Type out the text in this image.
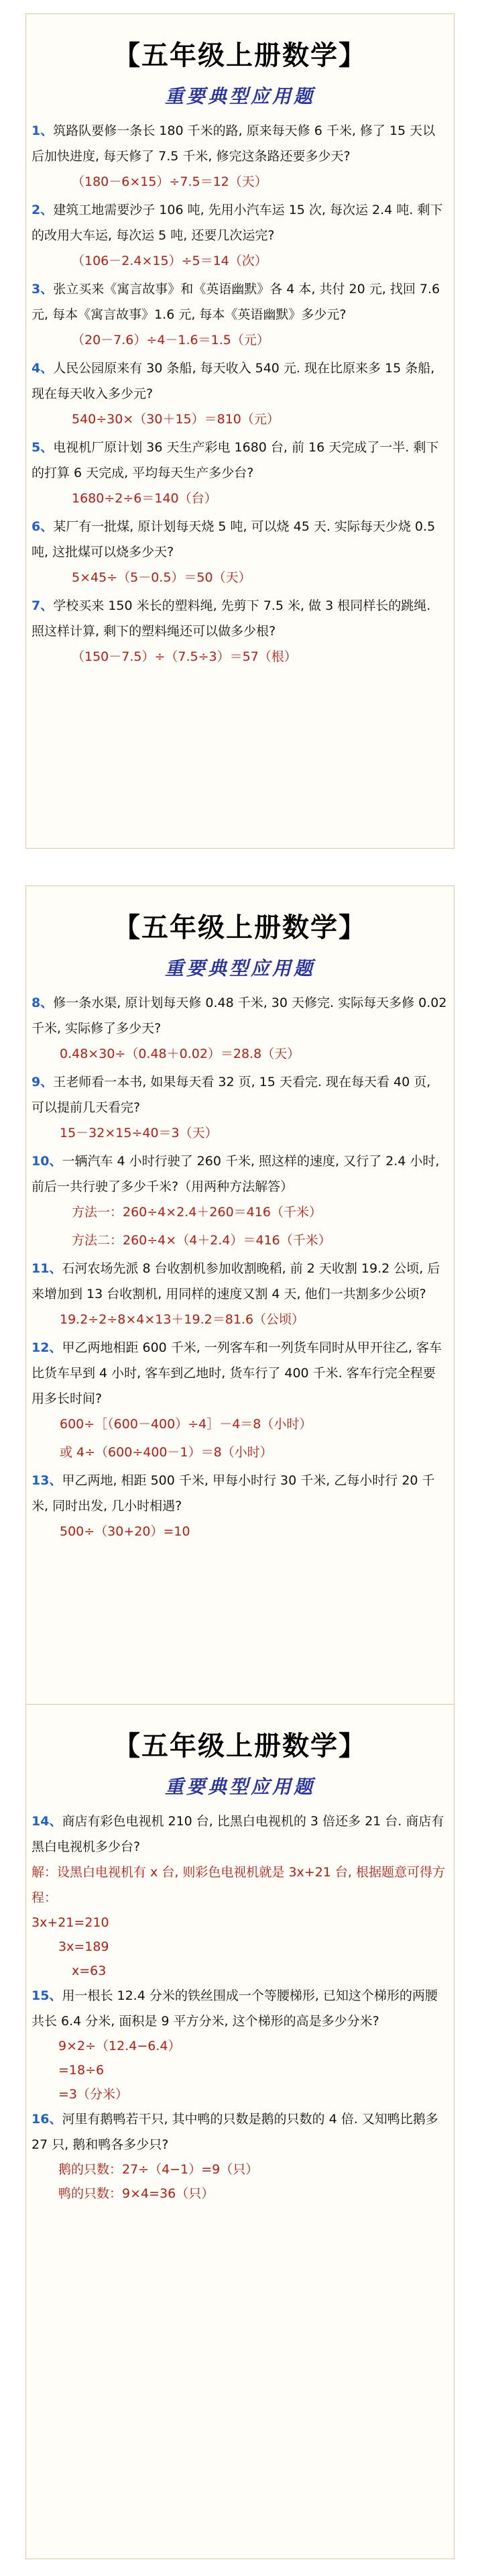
【五年级上册数学】
重要典型应用题

1、筑路队要修一条长 180 千米的路, 原来每天修 6 千米, 修了 15 天以后加快进度, 每天修了 7.5 千米, 修完这条路还要多少天?

（180－6×15）÷7.5＝12（天）

2、建筑工地需要沙子 106 吨, 先用小汽车运 15 次, 每次运 2.4 吨. 剩下的改用大车运, 每次运 5 吨, 还要几次运完?

（106－2.4×15）÷5＝14（次）

3、张立买来《寓言故事》和《英语幽默》各 4 本, 共付 20 元, 找回 7.6 元, 每本《寓言故事》1.6 元, 每本《英语幽默》多少元?

（20－7.6）÷4－1.6＝1.5（元）

4、人民公园原来有 30 条船, 每天收入 540 元. 现在比原来多 15 条船, 现在每天收入多少元?

540÷30×（30＋15）＝810（元）

5、电视机厂原计划 36 天生产彩电 1680 台, 前 16 天完成了一半. 剩下的打算 6 天完成, 平均每天生产多少台?

1680÷2÷6＝140（台）

6、某厂有一批煤, 原计划每天烧 5 吨, 可以烧 45 天. 实际每天少烧 0.5 吨, 这批煤可以烧多少天?

5×45÷（5－0.5）＝50（天）

7、学校买来 150 米长的塑料绳, 先剪下 7.5 米, 做 3 根同样长的跳绳. 照这样计算, 剩下的塑料绳还可以做多少根?

（150－7.5）÷（7.5÷3）＝57（根）

【五年级上册数学】
重要典型应用题

8、修一条水渠, 原计划每天修 0.48 千米, 30 天修完. 实际每天多修 0.02 千米, 实际修了多少天?

0.48×30÷（0.48＋0.02）＝28.8（天）

9、王老师看一本书, 如果每天看 32 页, 15 天看完. 现在每天看 40 页, 可以提前几天看完?

15－32×15÷40＝3（天）

10、一辆汽车 4 小时行驶了 260 千米, 照这样的速度, 又行了 2.4 小时, 前后一共行驶了多少千米?（用两种方法解答）

方法一：260÷4×2.4＋260＝416（千米）

方法二：260÷4×（4＋2.4）＝416（千米）

11、石河农场先派 8 台收割机参加收割晚稻, 前 2 天收割 19.2 公顷, 后来增加到 13 台收割机, 用同样的速度又割 4 天, 他们一共割多少公顷?

19.2÷2÷8×4×13＋19.2＝81.6（公顷）

12、甲乙两地相距 600 千米, 一列客车和一列货车同时从甲开往乙, 客车比货车早到 4 小时, 客车到乙地时, 货车行了 400 千米. 客车行完全程要用多长时间?

600÷［（600－400）÷4］－4＝8（小时）

或 4÷（600÷400－1）＝8（小时）

13、甲乙两地, 相距 500 千米, 甲每小时行 30 千米, 乙每小时行 20 千米, 同时出发, 几小时相遇?

500÷（30+20）=10

【五年级上册数学】
重要典型应用题

14、商店有彩色电视机 210 台, 比黑白电视机的 3 倍还多 21 台. 商店有黑白电视机多少台?

解：设黑白电视机有 x 台, 则彩色电视机就是 3x+21 台, 根据题意可得方程：

3x+21=210

3x=189

x=63

15、用一根长 12.4 分米的铁丝围成一个等腰梯形, 已知这个梯形的两腰共长 6.4 分米, 面积是 9 平方分米, 这个梯形的高是多少分米?

9×2÷（12.4−6.4）

=18÷6

=3（分米）

16、河里有鹅鸭若干只, 其中鸭的只数是鹅的只数的 4 倍. 又知鸭比鹅多 27 只, 鹅和鸭各多少只?

鹅的只数：27÷（4−1）=9（只）

鸭的只数：9×4=36（只）
